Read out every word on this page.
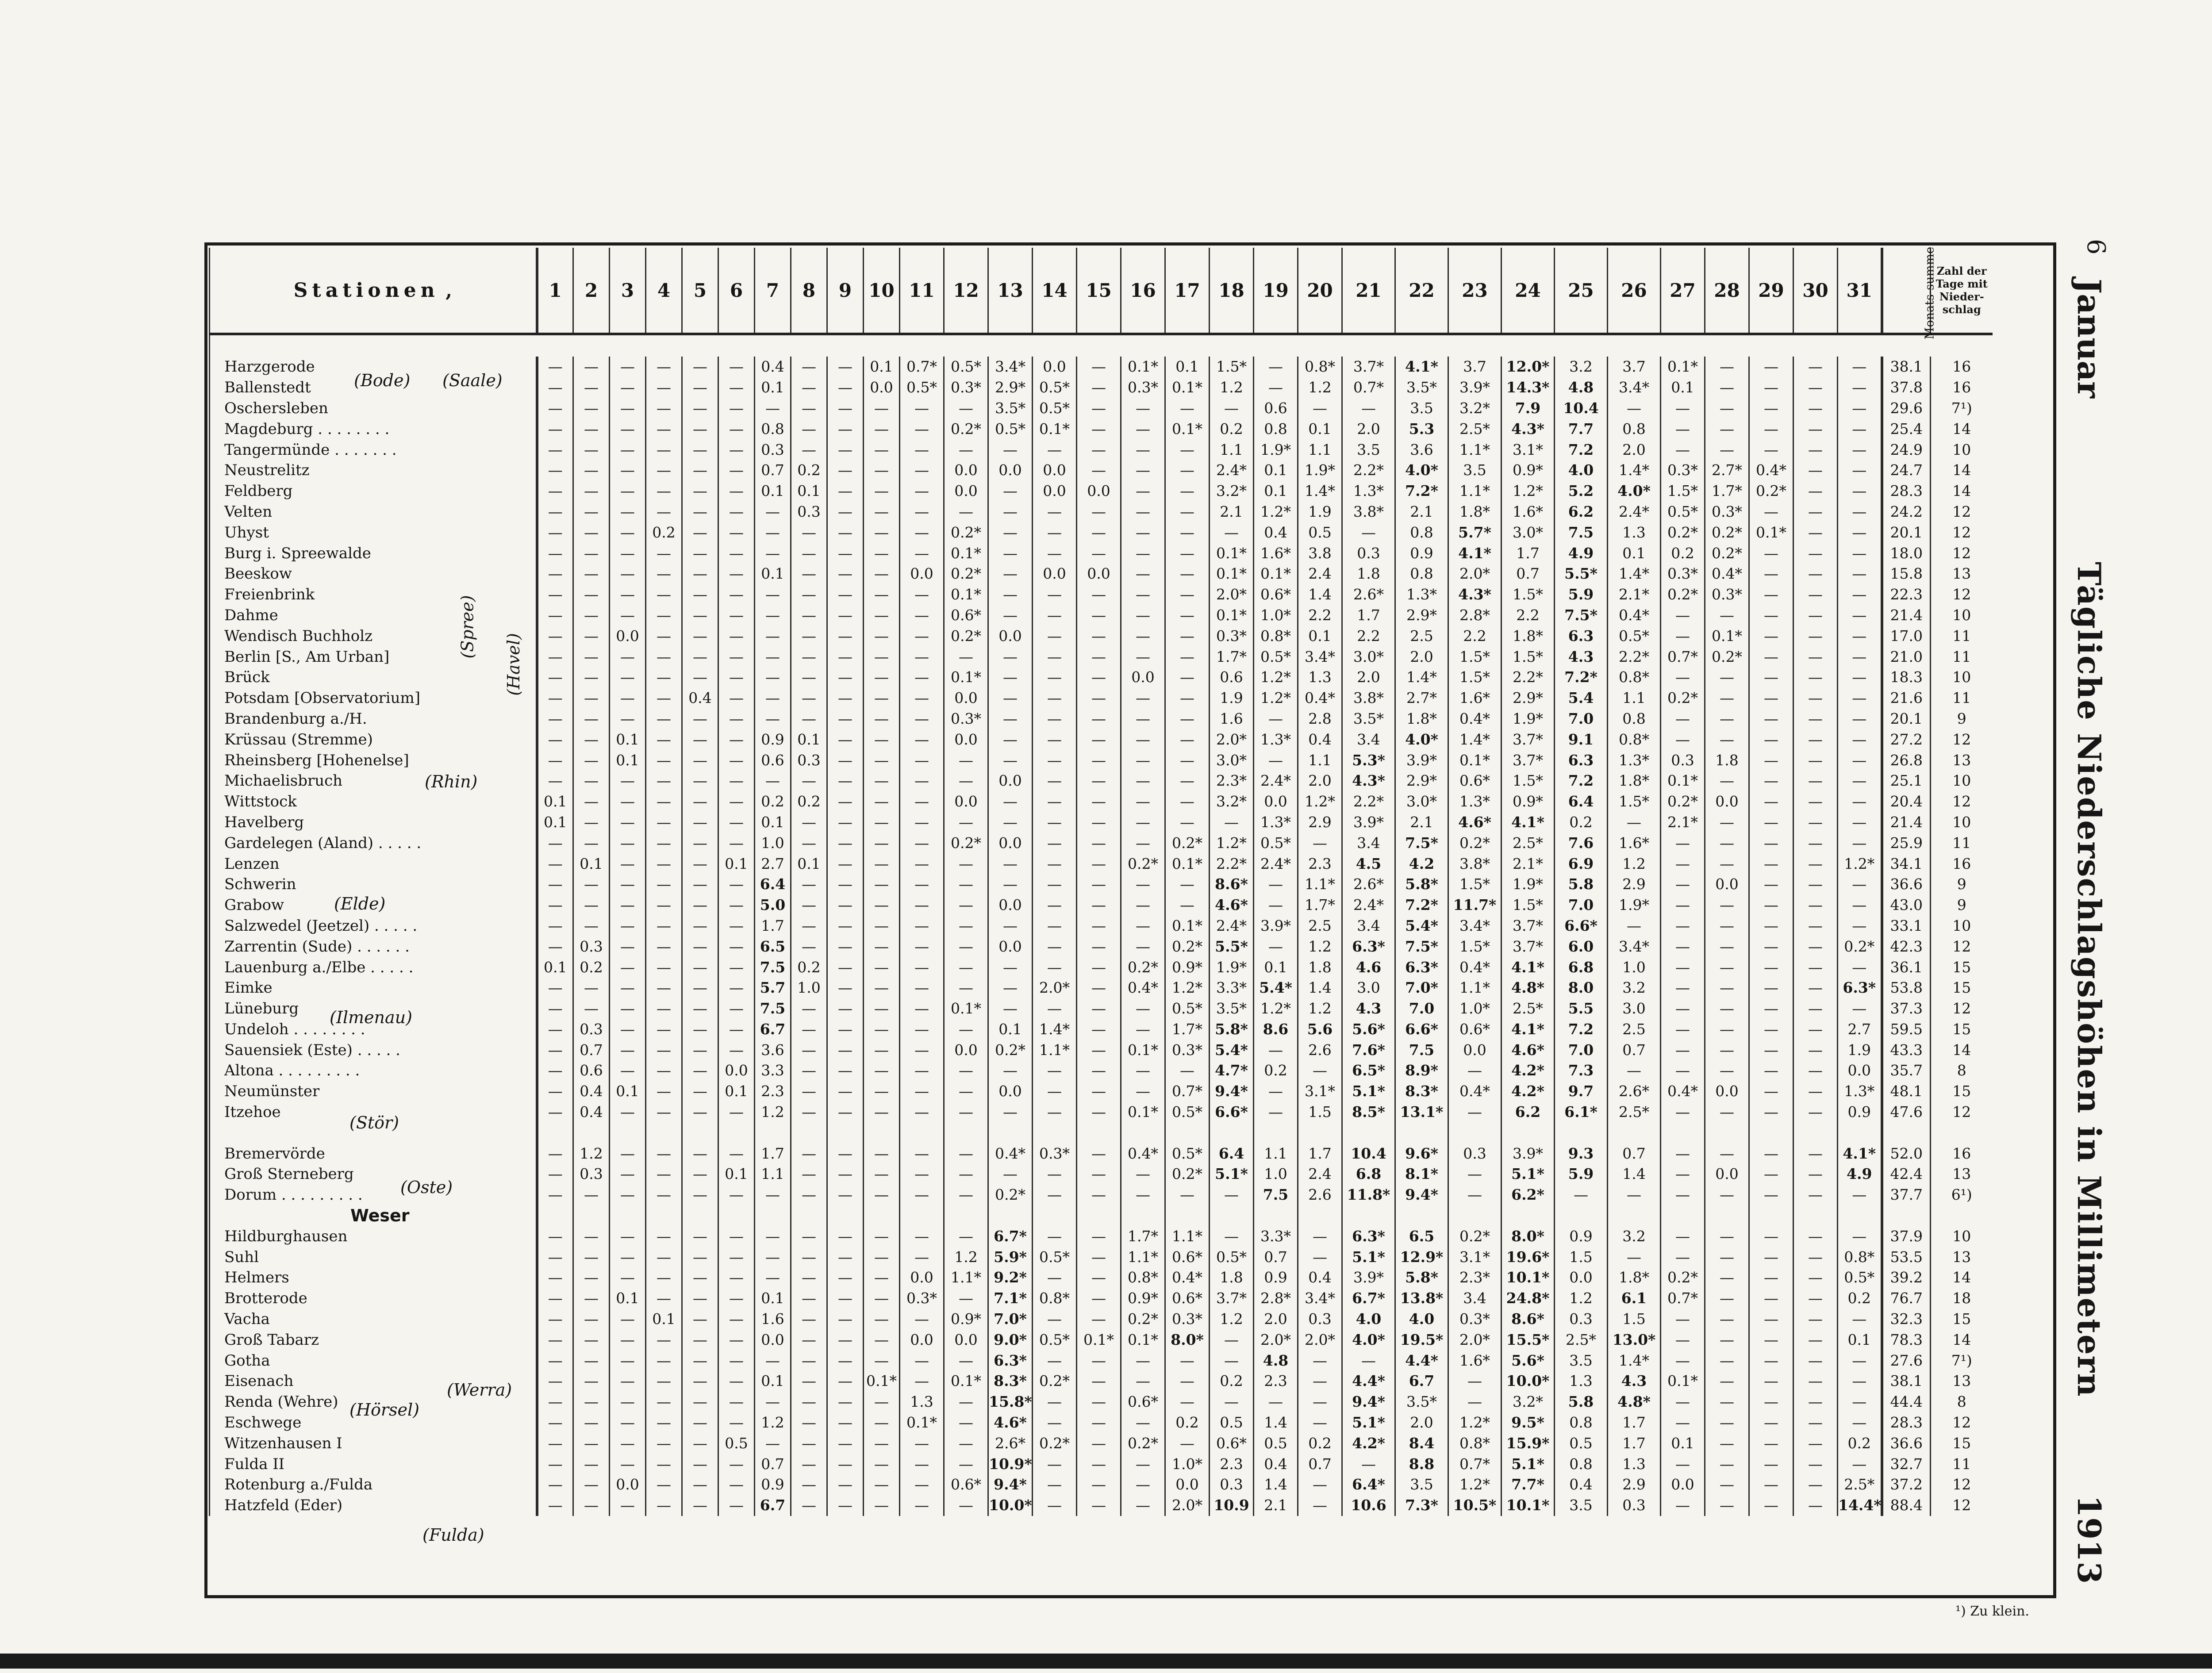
6
Januar
Tägliche Niederschlagshöhen in Millimetern
1913
Stationen ,	1	2	3	4	5	6	7	8	9	10	11	12	13	14	15	16	17	18	19	20	21	22	23	24	25	26	27	28	29	30	31	Monats-summe	Zahl der Tage mit Nieder-schlag

Harzgerode	—	—	—	—	—	—	0.4	—	—	0.1	0.7*	0.5*	3.4*	0.0	—	0.1*	0.1	1.5*	—	0.8*	3.7*	4.1*	3.7	12.0*	3.2	3.7	0.1*	—	—	—	—	38.1	16
Ballenstedt	—	—	—	—	—	—	0.1	—	—	0.0	0.5*	0.3*	2.9*	0.5*	—	0.3*	0.1*	1.2	—	1.2	0.7*	3.5*	3.9*	14.3*	4.8	3.4*	0.1	—	—	—	—	37.8	16
Oschersleben	—	—	—	—	—	—	—	—	—	—	—	—	3.5*	0.5*	—	—	—	—	0.6	—	—	3.5	3.2*	7.9	10.4	—	—	—	—	—	—	29.6	7¹)
Magdeburg . . . . . . . .	—	—	—	—	—	—	0.8	—	—	—	—	0.2*	0.5*	0.1*	—	—	0.1*	0.2	0.8	0.1	2.0	5.3	2.5*	4.3*	7.7	0.8	—	—	—	—	—	25.4	14
Tangermünde . . . . . . .	—	—	—	—	—	—	0.3	—	—	—	—	—	—	—	—	—	—	1.1	1.9*	1.1	3.5	3.6	1.1*	3.1*	7.2	2.0	—	—	—	—	—	24.9	10
Neustrelitz	—	—	—	—	—	—	0.7	0.2	—	—	—	0.0	0.0	0.0	—	—	—	2.4*	0.1	1.9*	2.2*	4.0*	3.5	0.9*	4.0	1.4*	0.3*	2.7*	0.4*	—	—	24.7	14
Feldberg	—	—	—	—	—	—	0.1	0.1	—	—	—	0.0	—	0.0	0.0	—	—	3.2*	0.1	1.4*	1.3*	7.2*	1.1*	1.2*	5.2	4.0*	1.5*	1.7*	0.2*	—	—	28.3	14
Velten	—	—	—	—	—	—	—	0.3	—	—	—	—	—	—	—	—	—	2.1	1.2*	1.9	3.8*	2.1	1.8*	1.6*	6.2	2.4*	0.5*	0.3*	—	—	—	24.2	12
Uhyst	—	—	—	0.2	—	—	—	—	—	—	—	0.2*	—	—	—	—	—	—	0.4	0.5	—	0.8	5.7*	3.0*	7.5	1.3	0.2*	0.2*	0.1*	—	—	20.1	12
Burg i. Spreewalde	—	—	—	—	—	—	—	—	—	—	—	0.1*	—	—	—	—	—	0.1*	1.6*	3.8	0.3	0.9	4.1*	1.7	4.9	0.1	0.2	0.2*	—	—	—	18.0	12
Beeskow	—	—	—	—	—	—	0.1	—	—	—	0.0	0.2*	—	0.0	0.0	—	—	0.1*	0.1*	2.4	1.8	0.8	2.0*	0.7	5.5*	1.4*	0.3*	0.4*	—	—	—	15.8	13
Freienbrink	—	—	—	—	—	—	—	—	—	—	—	0.1*	—	—	—	—	—	2.0*	0.6*	1.4	2.6*	1.3*	4.3*	1.5*	5.9	2.1*	0.2*	0.3*	—	—	—	22.3	12
Dahme	—	—	—	—	—	—	—	—	—	—	—	0.6*	—	—	—	—	—	0.1*	1.0*	2.2	1.7	2.9*	2.8*	2.2	7.5*	0.4*	—	—	—	—	—	21.4	10
Wendisch Buchholz	—	—	0.0	—	—	—	—	—	—	—	—	0.2*	0.0	—	—	—	—	0.3*	0.8*	0.1	2.2	2.5	2.2	1.8*	6.3	0.5*	—	0.1*	—	—	—	17.0	11
Berlin [S., Am Urban]	—	—	—	—	—	—	—	—	—	—	—	—	—	—	—	—	—	1.7*	0.5*	3.4*	3.0*	2.0	1.5*	1.5*	4.3	2.2*	0.7*	0.2*	—	—	—	21.0	11
Brück	—	—	—	—	—	—	—	—	—	—	—	0.1*	—	—	—	0.0	—	0.6	1.2*	1.3	2.0	1.4*	1.5*	2.2*	7.2*	0.8*	—	—	—	—	—	18.3	10
Potsdam [Observatorium]	—	—	—	—	0.4	—	—	—	—	—	—	0.0	—	—	—	—	—	1.9	1.2*	0.4*	3.8*	2.7*	1.6*	2.9*	5.4	1.1	0.2*	—	—	—	—	21.6	11
Brandenburg a./H.	—	—	—	—	—	—	—	—	—	—	—	0.3*	—	—	—	—	—	1.6	—	2.8	3.5*	1.8*	0.4*	1.9*	7.0	0.8	—	—	—	—	—	20.1	9
Krüssau (Stremme)	—	—	0.1	—	—	—	0.9	0.1	—	—	—	0.0	—	—	—	—	—	2.0*	1.3*	0.4	3.4	4.0*	1.4*	3.7*	9.1	0.8*	—	—	—	—	—	27.2	12
Rheinsberg [Hohenelse]	—	—	0.1	—	—	—	0.6	0.3	—	—	—	—	—	—	—	—	—	3.0*	—	1.1	5.3*	3.9*	0.1*	3.7*	6.3	1.3*	0.3	1.8	—	—	—	26.8	13
Michaelisbruch	—	—	—	—	—	—	—	—	—	—	—	—	0.0	—	—	—	—	2.3*	2.4*	2.0	4.3*	2.9*	0.6*	1.5*	7.2	1.8*	0.1*	—	—	—	—	25.1	10
Wittstock	0.1	—	—	—	—	—	0.2	0.2	—	—	—	0.0	—	—	—	—	—	3.2*	0.0	1.2*	2.2*	3.0*	1.3*	0.9*	6.4	1.5*	0.2*	0.0	—	—	—	20.4	12
Havelberg	0.1	—	—	—	—	—	0.1	—	—	—	—	—	—	—	—	—	—	—	1.3*	2.9	3.9*	2.1	4.6*	4.1*	0.2	—	2.1*	—	—	—	—	21.4	10
Gardelegen (Aland) . . . . .	—	—	—	—	—	—	1.0	—	—	—	—	0.2*	0.0	—	—	—	0.2*	1.2*	0.5*	—	3.4	7.5*	0.2*	2.5*	7.6	1.6*	—	—	—	—	—	25.9	11
Lenzen	—	0.1	—	—	—	0.1	2.7	0.1	—	—	—	—	—	—	—	0.2*	0.1*	2.2*	2.4*	2.3	4.5	4.2	3.8*	2.1*	6.9	1.2	—	—	—	—	1.2*	34.1	16
Schwerin	—	—	—	—	—	—	6.4	—	—	—	—	—	—	—	—	—	—	8.6*	—	1.1*	2.6*	5.8*	1.5*	1.9*	5.8	2.9	—	0.0	—	—	—	36.6	9
Grabow	—	—	—	—	—	—	5.0	—	—	—	—	—	0.0	—	—	—	—	4.6*	—	1.7*	2.4*	7.2*	11.7*	1.5*	7.0	1.9*	—	—	—	—	—	43.0	9
Salzwedel (Jeetzel) . . . . .	—	—	—	—	—	—	1.7	—	—	—	—	—	—	—	—	—	0.1*	2.4*	3.9*	2.5	3.4	5.4*	3.4*	3.7*	6.6*	—	—	—	—	—	—	33.1	10
Zarrentin (Sude) . . . . . .	—	0.3	—	—	—	—	6.5	—	—	—	—	—	0.0	—	—	—	0.2*	5.5*	—	1.2	6.3*	7.5*	1.5*	3.7*	6.0	3.4*	—	—	—	—	0.2*	42.3	12
Lauenburg a./Elbe . . . . .	0.1	0.2	—	—	—	—	7.5	0.2	—	—	—	—	—	—	—	0.2*	0.9*	1.9*	0.1	1.8	4.6	6.3*	0.4*	4.1*	6.8	1.0	—	—	—	—	—	36.1	15
Eimke	—	—	—	—	—	—	5.7	1.0	—	—	—	—	—	2.0*	—	0.4*	1.2*	3.3*	5.4*	1.4	3.0	7.0*	1.1*	4.8*	8.0	3.2	—	—	—	—	6.3*	53.8	15
Lüneburg	—	—	—	—	—	—	7.5	—	—	—	—	0.1*	—	—	—	—	0.5*	3.5*	1.2*	1.2	4.3	7.0	1.0*	2.5*	5.5	3.0	—	—	—	—	—	37.3	12
Undeloh . . . . . . . .	—	0.3	—	—	—	—	6.7	—	—	—	—	—	0.1	1.4*	—	—	1.7*	5.8*	8.6	5.6	5.6*	6.6*	0.6*	4.1*	7.2	2.5	—	—	—	—	2.7	59.5	15
Sauensiek (Este) . . . . .	—	0.7	—	—	—	—	3.6	—	—	—	—	0.0	0.2*	1.1*	—	0.1*	0.3*	5.4*	—	2.6	7.6*	7.5	0.0	4.6*	7.0	0.7	—	—	—	—	1.9	43.3	14
Altona . . . . . . . . .	—	0.6	—	—	—	0.0	3.3	—	—	—	—	—	—	—	—	—	—	4.7*	0.2	—	6.5*	8.9*	—	4.2*	7.3	—	—	—	—	—	0.0	35.7	8
Neumünster	—	0.4	0.1	—	—	0.1	2.3	—	—	—	—	—	0.0	—	—	—	0.7*	9.4*	—	3.1*	5.1*	8.3*	0.4*	4.2*	9.7	2.6*	0.4*	0.0	—	—	1.3*	48.1	15
Itzehoe	—	0.4	—	—	—	—	1.2	—	—	—	—	—	—	—	—	0.1*	0.5*	6.6*	—	1.5	8.5*	13.1*	—	6.2	6.1*	2.5*	—	—	—	—	0.9	47.6	12

Bremervörde	—	1.2	—	—	—	—	1.7	—	—	—	—	—	0.4*	0.3*	—	0.4*	0.5*	6.4	1.1	1.7	10.4	9.6*	0.3	3.9*	9.3	0.7	—	—	—	—	4.1*	52.0	16
Groß Sterneberg	—	0.3	—	—	—	0.1	1.1	—	—	—	—	—	—	—	—	—	0.2*	5.1*	1.0	2.4	6.8	8.1*	—	5.1*	5.9	1.4	—	0.0	—	—	4.9	42.4	13
Dorum . . . . . . . . .	—	—	—	—	—	—	—	—	—	—	—	—	0.2*	—	—	—	—	—	7.5	2.6	11.8*	9.4*	—	6.2*	—	—	—	—	—	—	—	37.7	6¹)
Weser																																	
Hildburghausen	—	—	—	—	—	—	—	—	—	—	—	—	6.7*	—	—	1.7*	1.1*	—	3.3*	—	6.3*	6.5	0.2*	8.0*	0.9	3.2	—	—	—	—	—	37.9	10
Suhl	—	—	—	—	—	—	—	—	—	—	—	1.2	5.9*	0.5*	—	1.1*	0.6*	0.5*	0.7	—	5.1*	12.9*	3.1*	19.6*	1.5	—	—	—	—	—	0.8*	53.5	13
Helmers	—	—	—	—	—	—	—	—	—	—	0.0	1.1*	9.2*	—	—	0.8*	0.4*	1.8	0.9	0.4	3.9*	5.8*	2.3*	10.1*	0.0	1.8*	0.2*	—	—	—	0.5*	39.2	14
Brotterode	—	—	0.1	—	—	—	0.1	—	—	—	0.3*	—	7.1*	0.8*	—	0.9*	0.6*	3.7*	2.8*	3.4*	6.7*	13.8*	3.4	24.8*	1.2	6.1	0.7*	—	—	—	0.2	76.7	18
Vacha	—	—	—	0.1	—	—	1.6	—	—	—	—	0.9*	7.0*	—	—	0.2*	0.3*	1.2	2.0	0.3	4.0	4.0	0.3*	8.6*	0.3	1.5	—	—	—	—	—	32.3	15
Groß Tabarz	—	—	—	—	—	—	0.0	—	—	—	0.0	0.0	9.0*	0.5*	0.1*	0.1*	8.0*	—	2.0*	2.0*	4.0*	19.5*	2.0*	15.5*	2.5*	13.0*	—	—	—	—	0.1	78.3	14
Gotha	—	—	—	—	—	—	—	—	—	—	—	—	6.3*	—	—	—	—	—	4.8	—	—	4.4*	1.6*	5.6*	3.5	1.4*	—	—	—	—	—	27.6	7¹)
Eisenach	—	—	—	—	—	—	0.1	—	—	0.1*	—	0.1*	8.3*	0.2*	—	—	—	0.2	2.3	—	4.4*	6.7	—	10.0*	1.3	4.3	0.1*	—	—	—	—	38.1	13
Renda (Wehre)	—	—	—	—	—	—	—	—	—	—	1.3	—	15.8*	—	—	0.6*	—	—	—	—	9.4*	3.5*	—	3.2*	5.8	4.8*	—	—	—	—	—	44.4	8
Eschwege	—	—	—	—	—	—	1.2	—	—	—	0.1*	—	4.6*	—	—	—	0.2	0.5	1.4	—	5.1*	2.0	1.2*	9.5*	0.8	1.7	—	—	—	—	—	28.3	12
Witzenhausen I	—	—	—	—	—	0.5	—	—	—	—	—	—	2.6*	0.2*	—	0.2*	—	0.6*	0.5	0.2	4.2*	8.4	0.8*	15.9*	0.5	1.7	0.1	—	—	—	0.2	36.6	15
Fulda II	—	—	—	—	—	—	0.7	—	—	—	—	—	10.9*	—	—	—	1.0*	2.3	0.4	0.7	—	8.8	0.7*	5.1*	0.8	1.3	—	—	—	—	—	32.7	11
Rotenburg a./Fulda	—	—	0.0	—	—	—	0.9	—	—	—	—	0.6*	9.4*	—	—	—	0.0	0.3	1.4	—	6.4*	3.5	1.2*	7.7*	0.4	2.9	0.0	—	—	—	2.5*	37.2	12
Hatzfeld (Eder)	—	—	—	—	—	—	6.7	—	—	—	—	—	10.0*	—	—	—	2.0*	10.9	2.1	—	10.6	7.3*	10.5*	10.1*	3.5	0.3	—	—	—	—	14.4*	88.4	12
(Bode) (Saale)
(Spree)
(Havel)
(Rhin)
(Elde)
(Ilmenau)
(Stör)
(Oste)
(Hörsel)
(Werra)
(Fulda)
¹) Zu klein.
